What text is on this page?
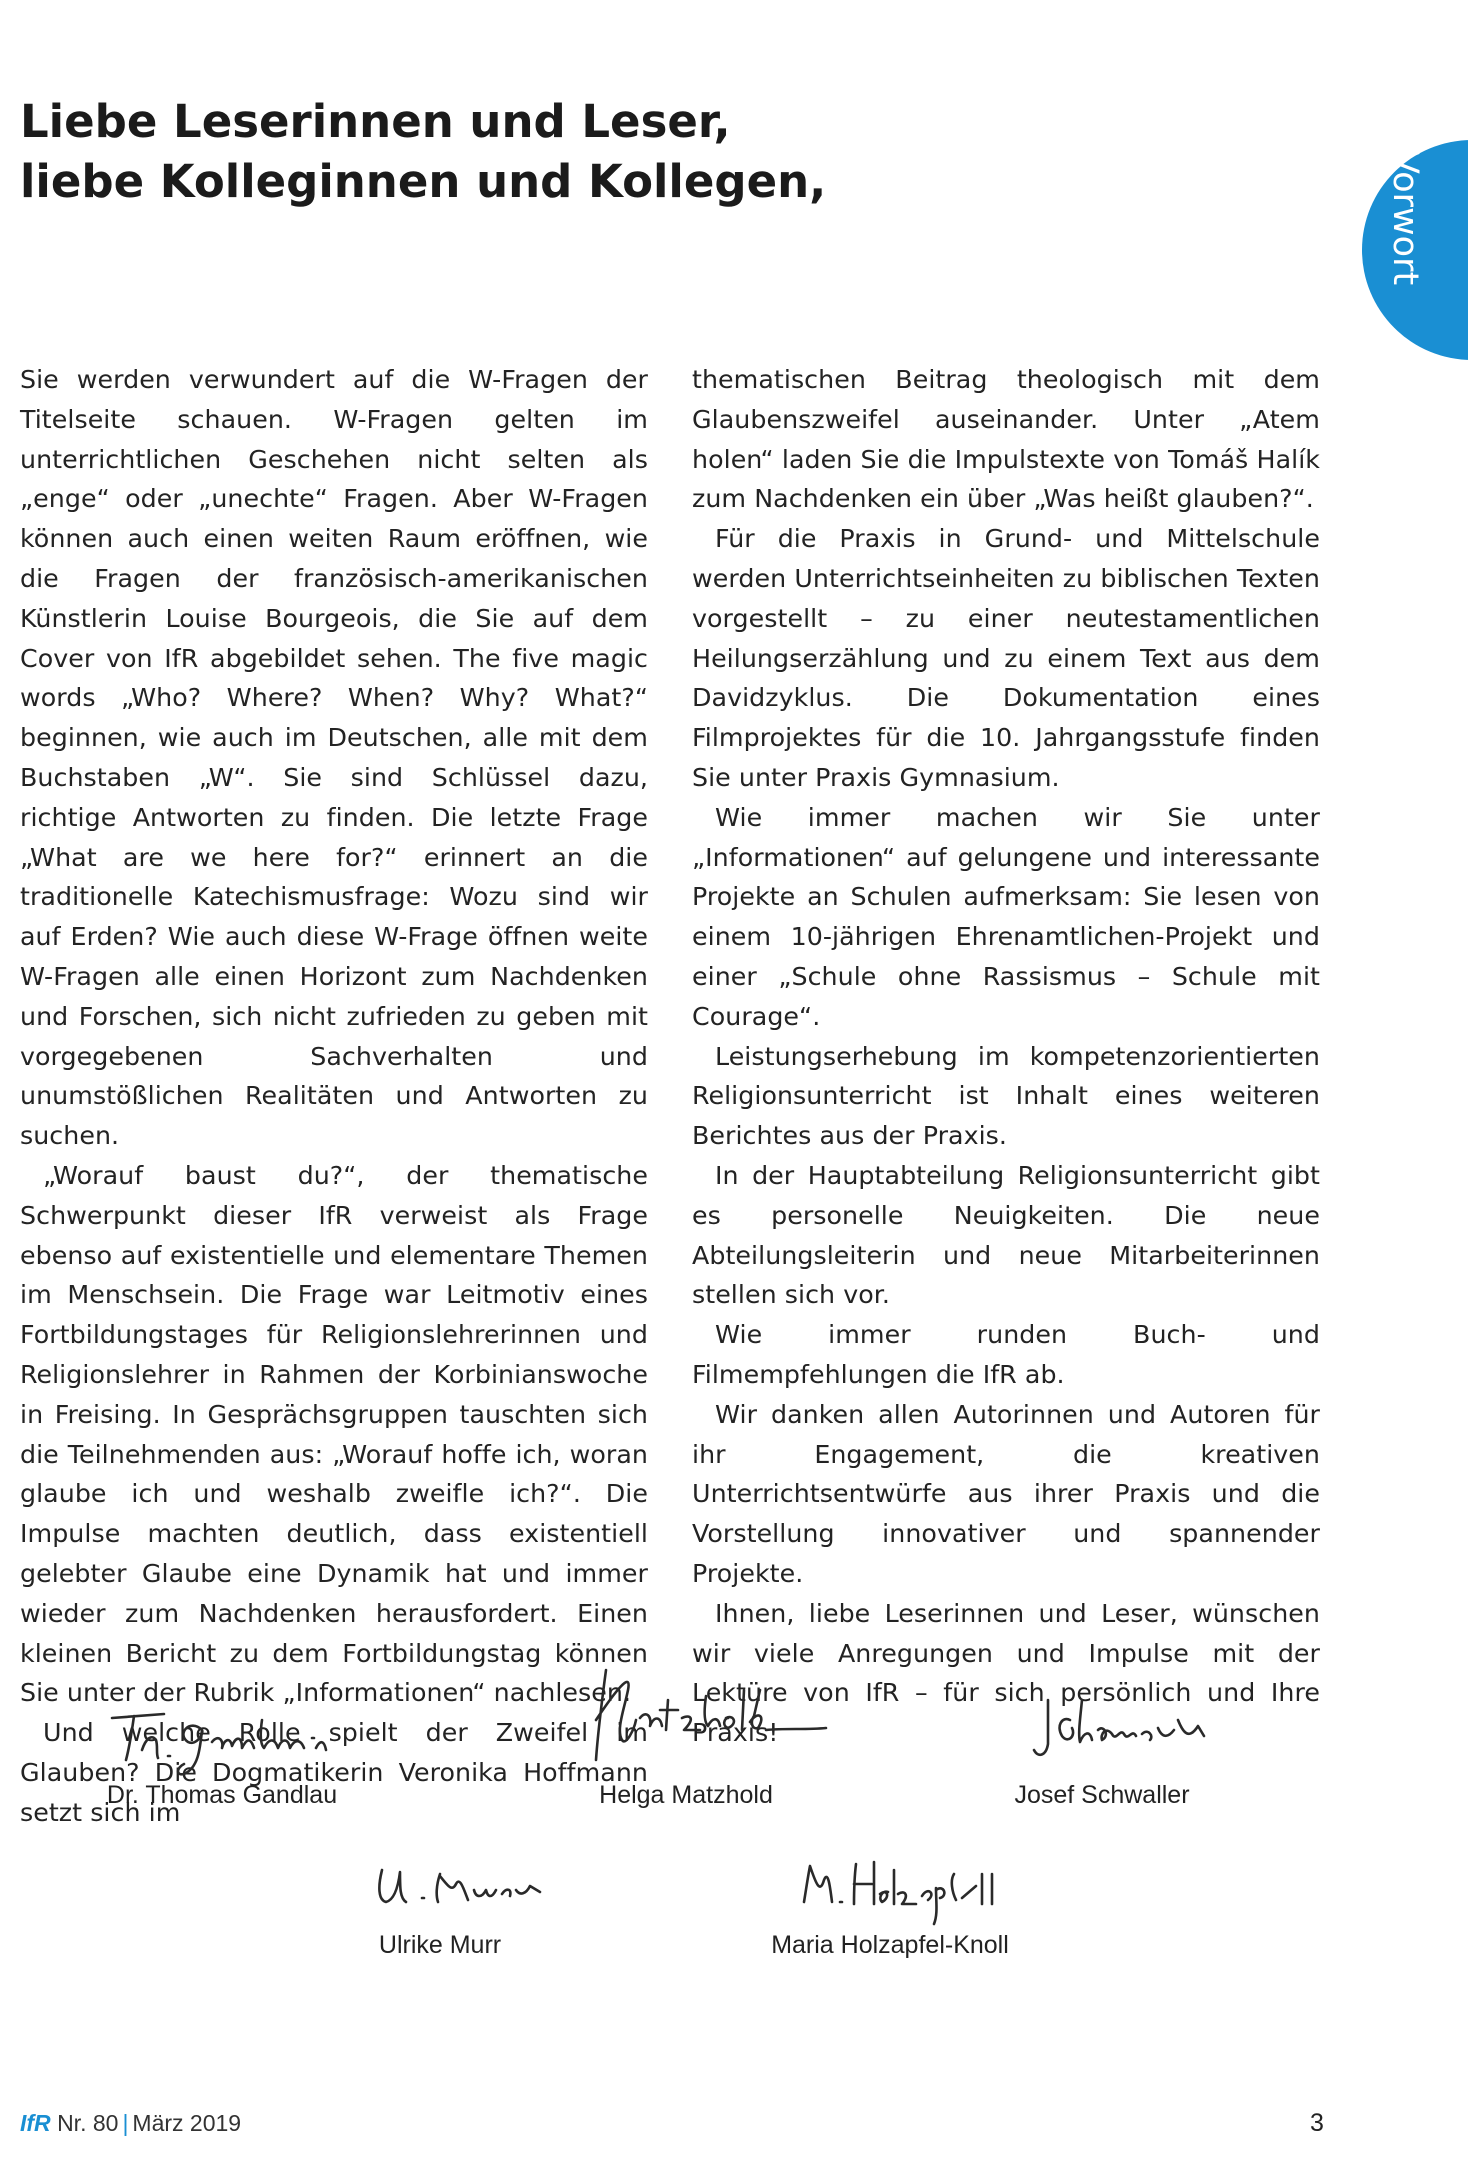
Liebe Leserinnen und Leser,
liebe Kolleginnen und Kollegen,	Vorwort

Sie werden verwundert auf die W-Fragen der Titelseite schauen. W-Fragen gelten im unterrichtlichen Geschehen nicht selten als „enge“ oder „unechte“ Fragen. Aber W-Fragen können auch einen weiten Raum eröffnen, wie die Fragen der französisch-amerikanischen Künstlerin Louise Bourgeois, die Sie auf dem Cover von IfR abgebildet sehen. The five magic words „Who? Where? When? Why? What?“ beginnen, wie auch im Deutschen, alle mit dem Buchstaben „W“. Sie sind Schlüssel dazu, richtige Antworten zu finden. Die letzte Frage „What are we here for?“ erinnert an die traditionelle Katechismusfrage: Wozu sind wir auf Erden? Wie auch diese W-Frage öffnen weite W-Fragen alle einen Horizont zum Nachdenken und Forschen, sich nicht zufrieden zu geben mit vorgegebenen Sachverhalten und unumstößlichen Realitäten und Antworten zu suchen.

„Worauf baust du?“, der thematische Schwerpunkt dieser IfR verweist als Frage ebenso auf existentielle und elementare Themen im Menschsein. Die Frage war Leitmotiv eines Fortbildungstages für Religionslehrerinnen und Religionslehrer in Rahmen der Korbinianswoche in Freising. In Gesprächsgruppen tauschten sich die Teilnehmenden aus: „Worauf hoffe ich, woran glaube ich und weshalb zweifle ich?“. Die Impulse machten deutlich, dass existentiell gelebter Glaube eine Dynamik hat und immer wieder zum Nachdenken herausfordert. Einen kleinen Bericht zu dem Fortbildungstag können Sie unter der Rubrik „Informationen“ nachlesen.

Und welche Rolle spielt der Zweifel im Glauben? Die Dogmatikerin Veronika Hoffmann setzt sich im

thematischen Beitrag theologisch mit dem Glaubenszweifel auseinander. Unter „Atem holen“ laden Sie die Impulstexte von Tomáš Halík zum Nachdenken ein über „Was heißt glauben?“.

Für die Praxis in Grund- und Mittelschule werden Unterrichtseinheiten zu biblischen Texten vorgestellt – zu einer neutestamentlichen Heilungserzählung und zu einem Text aus dem Davidzyklus. Die Dokumentation eines Filmprojektes für die 10. Jahrgangsstufe finden Sie unter Praxis Gymnasium.

Wie immer machen wir Sie unter „Informationen“ auf gelungene und interessante Projekte an Schulen aufmerksam: Sie lesen von einem 10-jährigen Ehrenamtlichen-Projekt und einer „Schule ohne Rassismus – Schule mit Courage“.

Leistungserhebung im kompetenzorientierten Religionsunterricht ist Inhalt eines weiteren Berichtes aus der Praxis.

In der Hauptabteilung Religionsunterricht gibt es personelle Neuigkeiten. Die neue Abteilungsleiterin und neue Mitarbeiterinnen stellen sich vor.

Wie immer runden Buch- und Filmempfehlungen die IfR ab.

Wir danken allen Autorinnen und Autoren für ihr Engagement, die kreativen Unterrichtsentwürfe aus ihrer Praxis und die Vorstellung innovativer und spannender Projekte.

Ihnen, liebe Leserinnen und Leser, wünschen wir viele Anregungen und Impulse mit der Lektüre von IfR – für sich persönlich und Ihre Praxis!

Dr. Thomas Gandlau	Helga Matzhold	Josef Schwaller
Ulrike Murr	Maria Holzapfel-Knoll
IfR Nr. 80 | März 2019	3
